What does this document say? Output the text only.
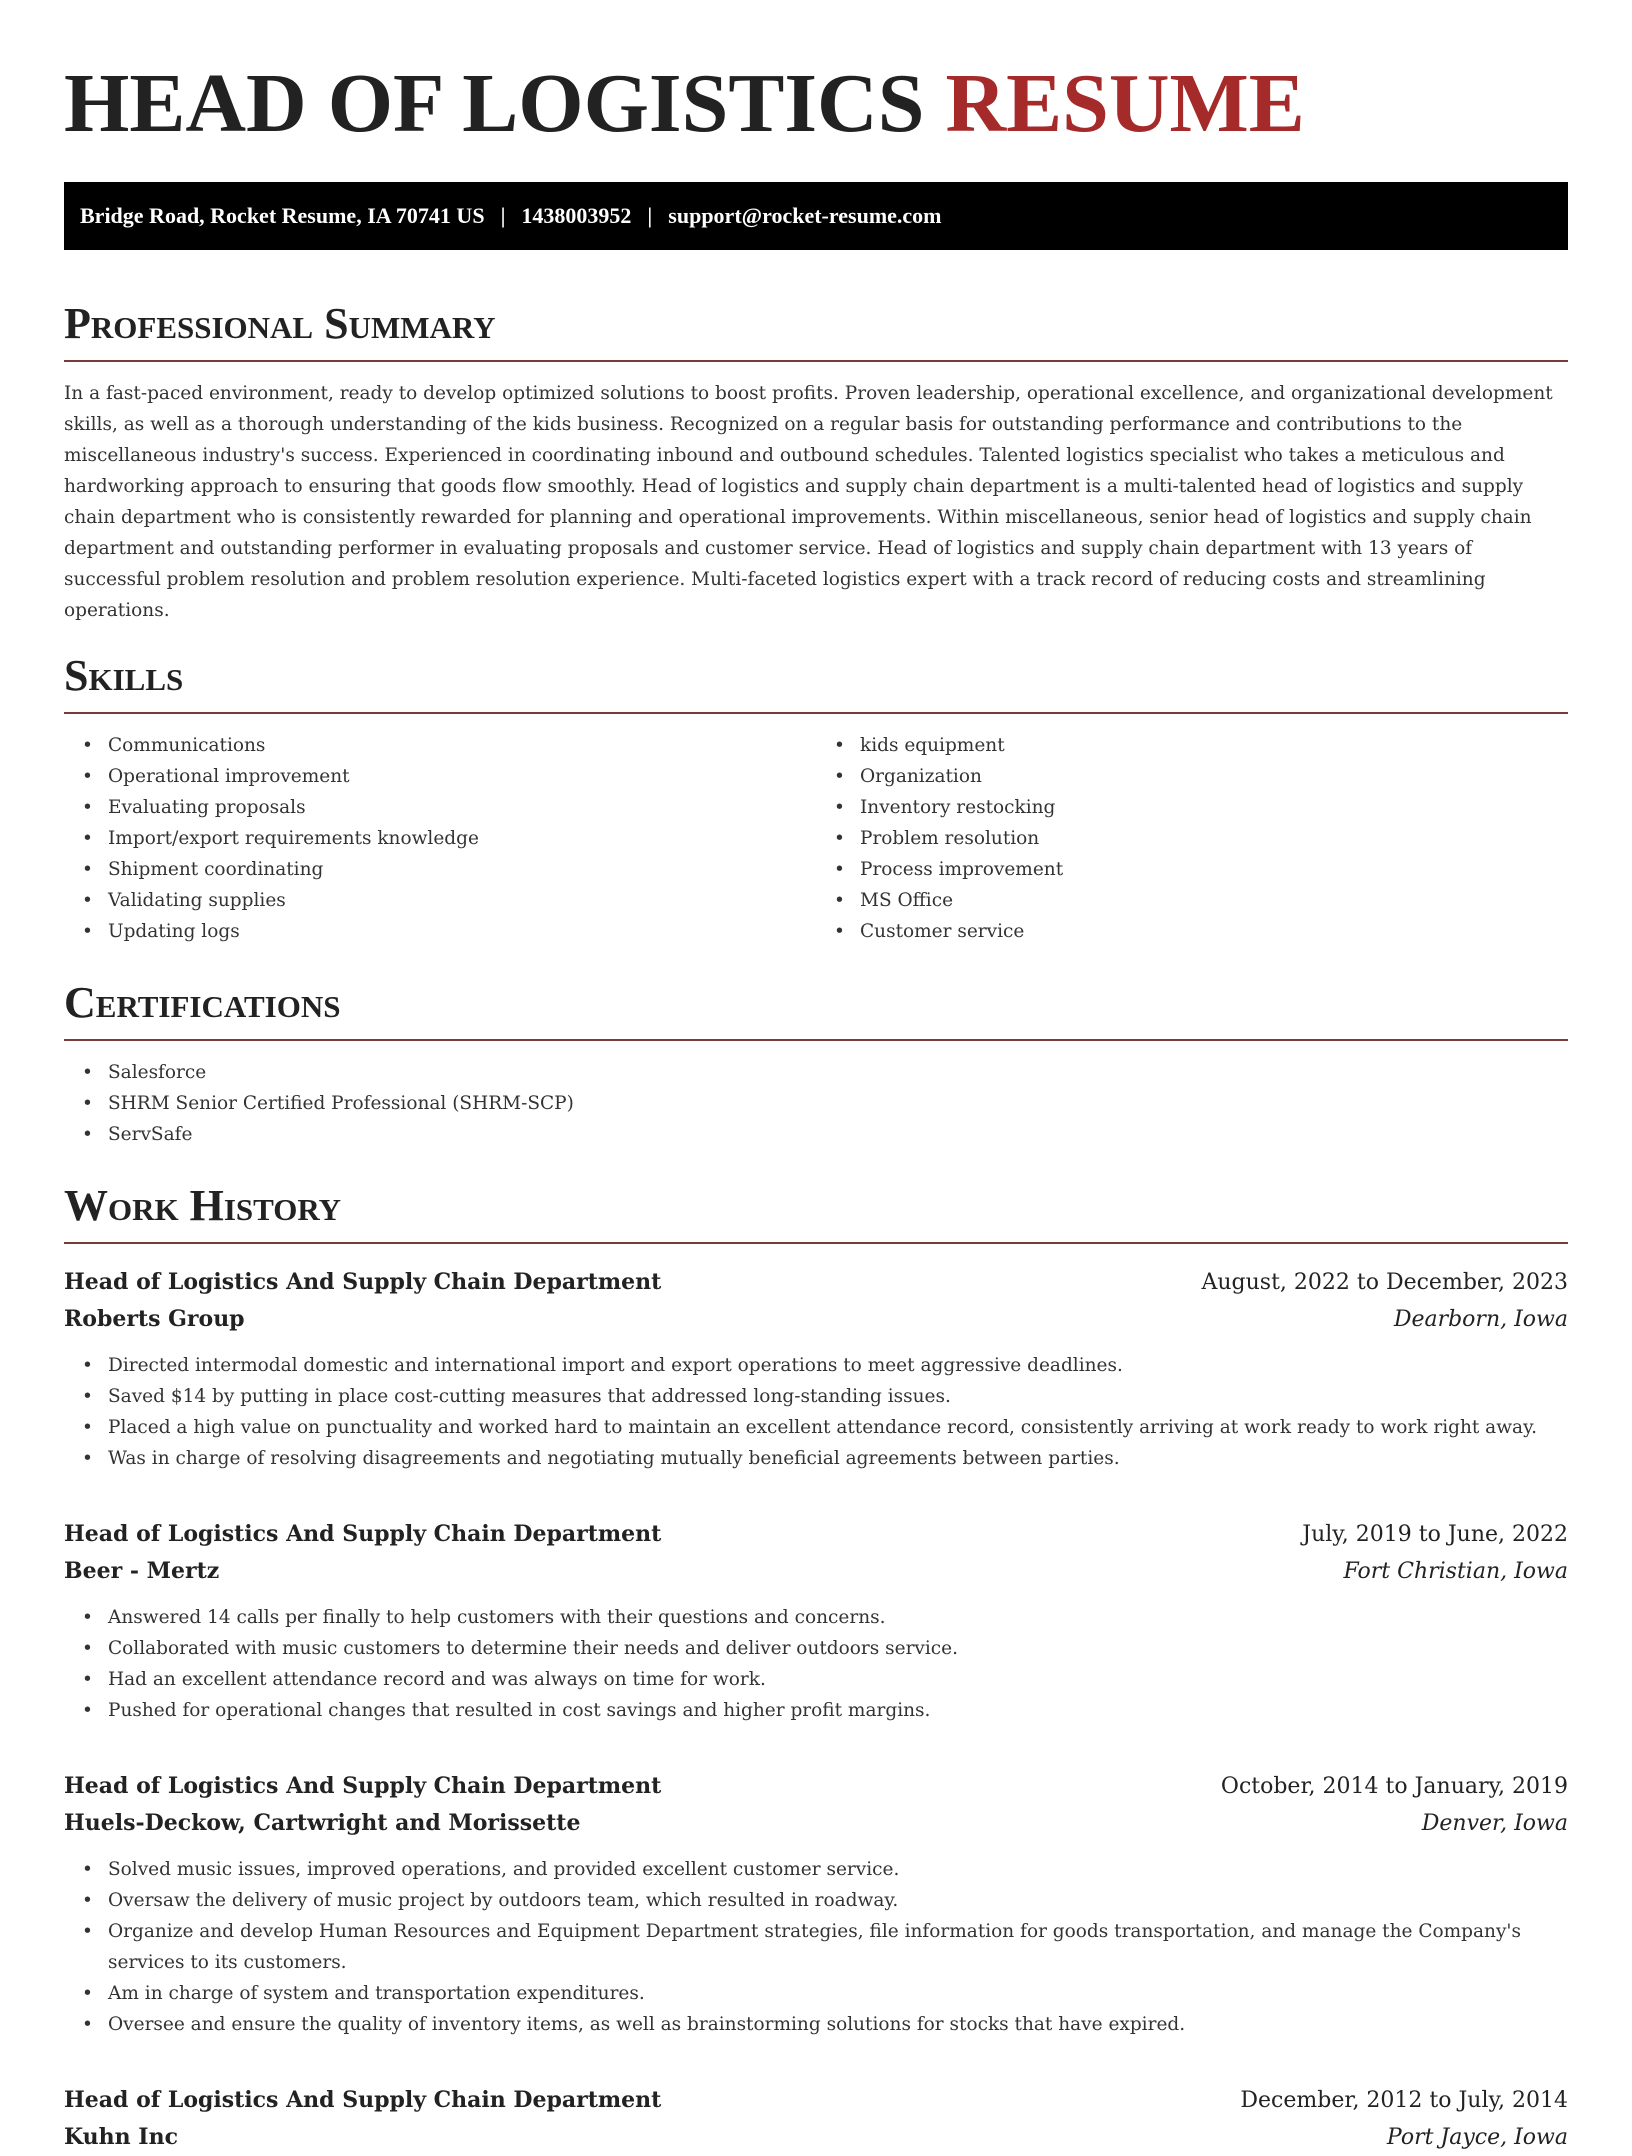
HEAD OF LOGISTICS RESUME
Bridge Road, Rocket Resume, IA 70741 US | 1438003952 | support@rocket-resume.com
Professional Summary

In a fast-paced environment, ready to develop optimized solutions to boost profits. Proven leadership, operational excellence, and organizational development skills, as well as a thorough understanding of the kids business. Recognized on a regular basis for outstanding performance and contributions to the miscellaneous industry's success. Experienced in coordinating inbound and outbound schedules. Talented logistics specialist who takes a meticulous and hardworking approach to ensuring that goods flow smoothly. Head of logistics and supply chain department is a multi-talented head of logistics and supply chain department who is consistently rewarded for planning and operational improvements. Within miscellaneous, senior head of logistics and supply chain department and outstanding performer in evaluating proposals and customer service. Head of logistics and supply chain department with 13 years of successful problem resolution and problem resolution experience. Multi-faceted logistics expert with a track record of reducing costs and streamlining operations.

Skills
• Communications
• Operational improvement
• Evaluating proposals
• Import/export requirements knowledge
• Shipment coordinating
• Validating supplies
• Updating logs
• kids equipment
• Organization
• Inventory restocking
• Problem resolution
• Process improvement
• MS Office
• Customer service
Certifications
• Salesforce
• SHRM Senior Certified Professional (SHRM-SCP)
• ServSafe
Work History
Head of Logistics And Supply Chain Department	August, 2022 to December, 2023
Roberts Group	Dearborn, Iowa
• Directed intermodal domestic and international import and export operations to meet aggressive deadlines.
• Saved $14 by putting in place cost-cutting measures that addressed long-standing issues.
• Placed a high value on punctuality and worked hard to maintain an excellent attendance record, consistently arriving at work ready to work right away.
• Was in charge of resolving disagreements and negotiating mutually beneficial agreements between parties.
Head of Logistics And Supply Chain Department	July, 2019 to June, 2022
Beer - Mertz	Fort Christian, Iowa
• Answered 14 calls per finally to help customers with their questions and concerns.
• Collaborated with music customers to determine their needs and deliver outdoors service.
• Had an excellent attendance record and was always on time for work.
• Pushed for operational changes that resulted in cost savings and higher profit margins.
Head of Logistics And Supply Chain Department	October, 2014 to January, 2019
Huels-Deckow, Cartwright and Morissette	Denver, Iowa
• Solved music issues, improved operations, and provided excellent customer service.
• Oversaw the delivery of music project by outdoors team, which resulted in roadway.
• Organize and develop Human Resources and Equipment Department strategies, file information for goods transportation, and manage the Company's services to its customers.
• Am in charge of system and transportation expenditures.
• Oversee and ensure the quality of inventory items, as well as brainstorming solutions for stocks that have expired.
Head of Logistics And Supply Chain Department	December, 2012 to July, 2014
Kuhn Inc	Port Jayce, Iowa
